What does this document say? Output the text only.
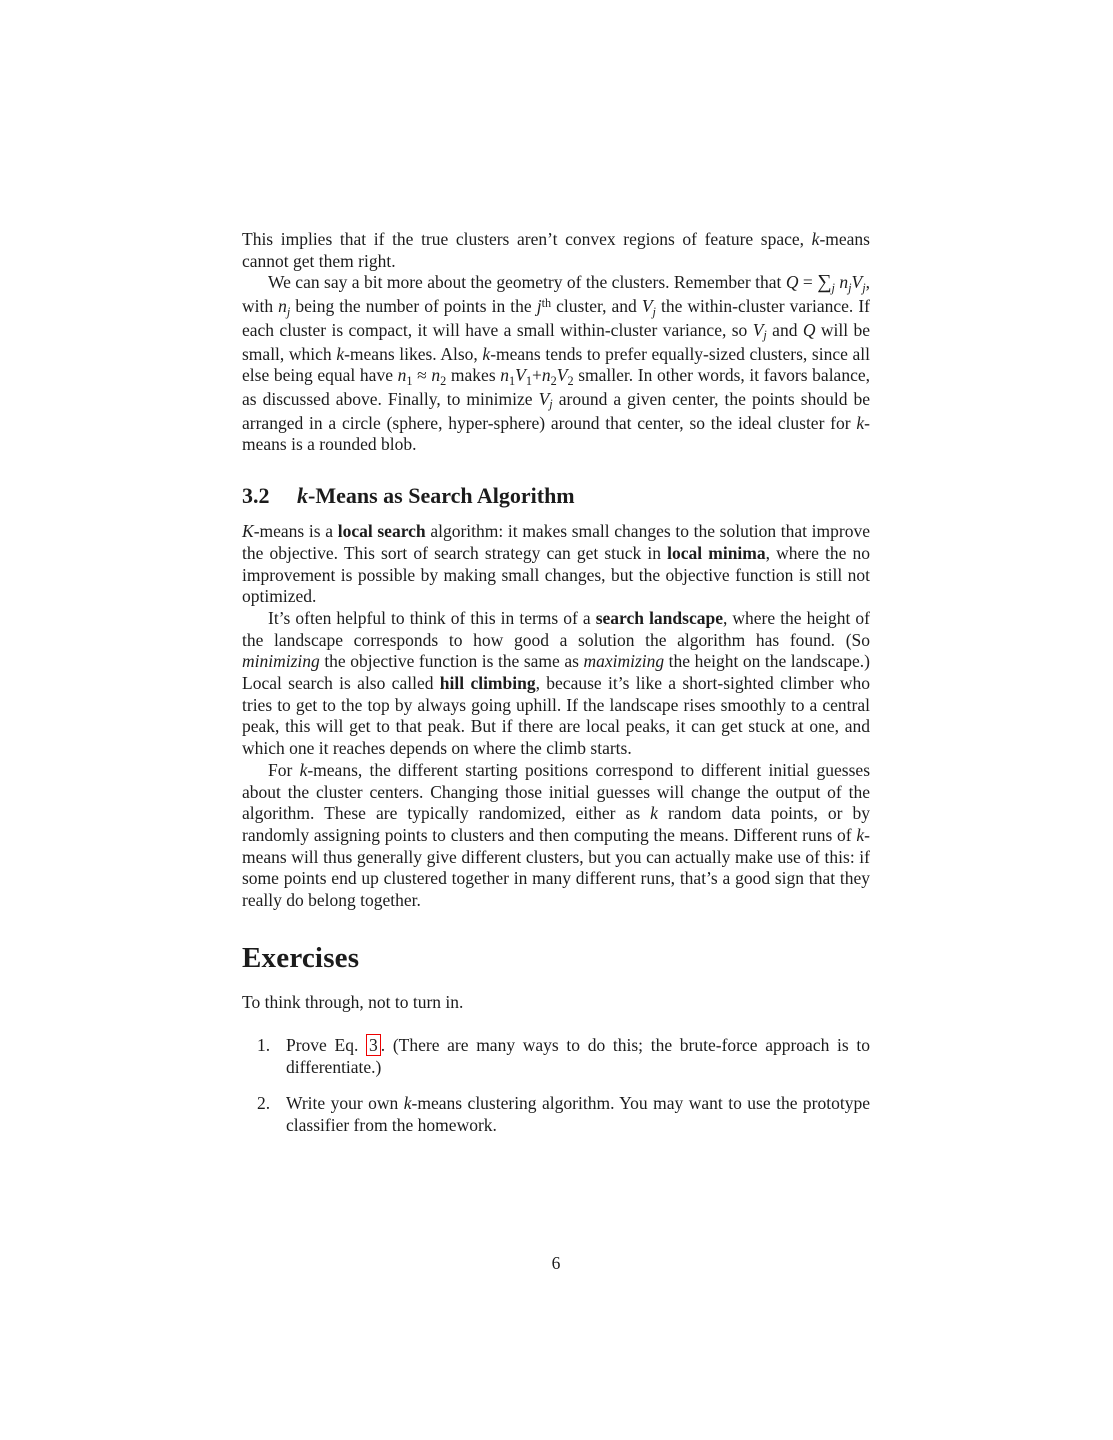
This implies that if the true clusters aren’t convex regions of feature space, k-means cannot get them right.

We can say a bit more about the geometry of the clusters. Remember that Q = ∑j njVj, with nj being the number of points in the $j^{th}$ cluster, and Vj the within-cluster variance. If each cluster is compact, it will have a small within-cluster variance, so Vj and Q will be small, which k-means likes. Also, k-means tends to prefer equally-sized clusters, since all else being equal have n1 ≈ n2 makes n1V1+n2V2 smaller. In other words, it favors balance, as discussed above. Finally, to minimize Vj around a given center, the points should be arranged in a circle (sphere, hyper-sphere) around that center, so the ideal cluster for k-means is a rounded blob.

3.2 k-Means as Search Algorithm

K-means is a local search algorithm: it makes small changes to the solution that improve the objective. This sort of search strategy can get stuck in local minima, where the no improvement is possible by making small changes, but the objective function is still not optimized.

It’s often helpful to think of this in terms of a search landscape, where the height of the landscape corresponds to how good a solution the algorithm has found. (So minimizing the objective function is the same as maximizing the height on the landscape.) Local search is also called hill climbing, because it’s like a short-sighted climber who tries to get to the top by always going uphill. If the landscape rises smoothly to a central peak, this will get to that peak. But if there are local peaks, it can get stuck at one, and which one it reaches depends on where the climb starts.

For k-means, the different starting positions correspond to different initial guesses about the cluster centers. Changing those initial guesses will change the output of the algorithm. These are typically randomized, either as k random data points, or by randomly assigning points to clusters and then computing the means. Different runs of k-means will thus generally give different clusters, but you can actually make use of this: if some points end up clustered together in many different runs, that’s a good sign that they really do belong together.

Exercises

To think through, not to turn in.

1. Prove Eq. 3 . (There are many ways to do this; the brute-force approach is to differentiate.)
2. Write your own k-means clustering algorithm. You may want to use the prototype classifier from the homework.
6
